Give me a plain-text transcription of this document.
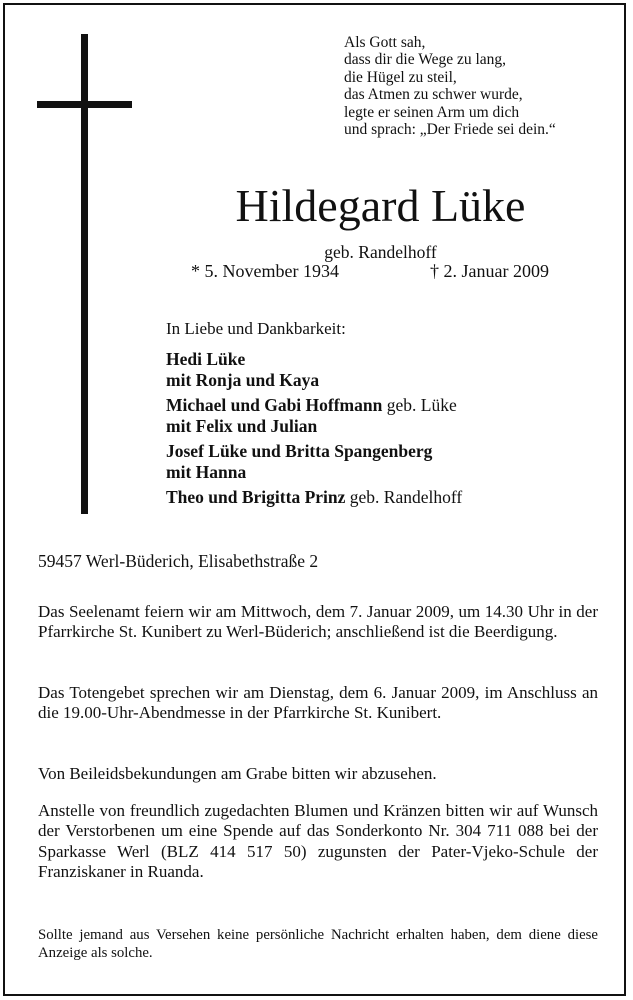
Als Gott sah,
dass dir die Wege zu lang,
die Hügel zu steil,
das Atmen zu schwer wurde,
legte er seinen Arm um dich
und sprach: „Der Friede sei dein.“
Hildegard Lüke
geb. Randelhoff
* 5. November 1934	† 2. Januar 2009
In Liebe und Dankbarkeit:
Hedi Lüke
mit Ronja und Kaya
Michael und Gabi Hoffmann geb. Lüke
mit Felix und Julian
Josef Lüke und Britta Spangenberg
mit Hanna
Theo und Brigitta Prinz geb. Randelhoff
59457 Werl-Büderich, Elisabethstraße 2
Das Seelenamt feiern wir am Mittwoch, dem 7. Januar 2009, um 14.30 Uhr in der Pfarrkirche St. Kunibert zu Werl-Büderich; anschließend ist die Beerdigung.
Das Totengebet sprechen wir am Dienstag, dem 6. Januar 2009, im Anschluss an die 19.00-Uhr-Abendmesse in der Pfarrkirche St. Kunibert.
Von Beileidsbekundungen am Grabe bitten wir abzusehen.
Anstelle von freundlich zugedachten Blumen und Kränzen bitten wir auf Wunsch der Verstorbenen um eine Spende auf das Sonderkonto Nr. 304 711 088 bei der Sparkasse Werl (BLZ 414 517 50) zugunsten der Pater-Vjeko-Schule der Franziskaner in Ruanda.
Sollte jemand aus Versehen keine persönliche Nachricht erhalten haben, dem diene diese Anzeige als solche.
